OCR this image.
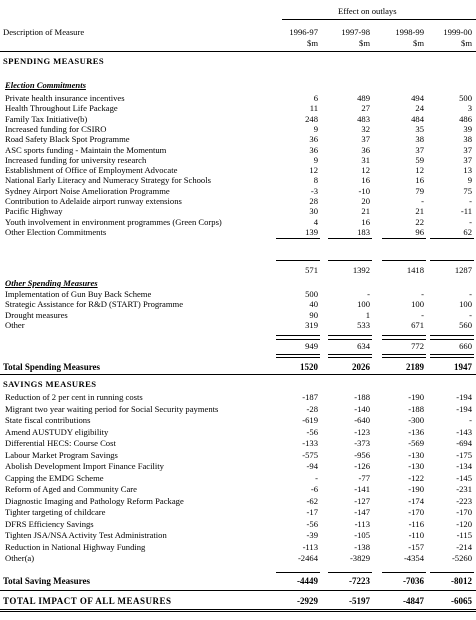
Effect on outlays
Description of Measure	1996-97	1997-98	1998-99	1999-00
$m	$m	$m	$m
SPENDING MEASURES
Election Commitments
Private health insurance incentives	6	489	494	500
Health Throughout Life Package	11	27	24	3
Family Tax Initiative(b)	248	483	484	486
Increased funding for CSIRO	9	32	35	39
Road Safety Black Spot Programme	36	37	38	38
ASC sports funding - Maintain the Momentum	36	36	37	37
Increased funding for university research	9	31	59	37
Establishment of Office of Employment Advocate	12	12	12	13
National Early Literacy and Numeracy Strategy for Schools	8	16	16	9
Sydney Airport Noise Amelioration Programme	-3	-10	79	75
Contribution to Adelaide airport runway extensions	28	20	-	-
Pacific Highway	30	21	21	-11
Youth involvement in environment programmes (Green Corps)	4	16	22	-
Other Election Commitments	139	183	96	62
571	1392	1418	1287
Other Spending Measures
Implementation of Gun Buy Back Scheme	500	-	-	-
Strategic Assistance for R&D (START) Programme	40	100	100	100
Drought measures	90	1	-	-
Other	319	533	671	560
949	634	772	660
Total Spending Measures	1520	2026	2189	1947
SAVINGS MEASURES
Reduction of 2 per cent in running costs	-187	-188	-190	-194
Migrant two year waiting period for Social Security payments	-28	-140	-188	-194
State fiscal contributions	-619	-640	-300	-
Amend AUSTUDY eligibility	-56	-123	-136	-143
Differential HECS: Course Cost	-133	-373	-569	-694
Labour Market Program Savings	-575	-956	-130	-175
Abolish Development Import Finance Facility	-94	-126	-130	-134
Capping the EMDG Scheme	-	-77	-122	-145
Reform of Aged and Community Care	-6	-141	-190	-231
Diagnostic Imaging and Pathology Reform Package	-62	-127	-174	-223
Tighter targeting of childcare	-17	-147	-170	-170
DFRS Efficiency Savings	-56	-113	-116	-120
Tighten JSA/NSA Activity Test Administration	-39	-105	-110	-115
Reduction in National Highway Funding	-113	-138	-157	-214
Other(a)	-2464	-3829	-4354	-5260
Total Saving Measures	-4449	-7223	-7036	-8012
TOTAL IMPACT OF ALL MEASURES	-2929	-5197	-4847	-6065
